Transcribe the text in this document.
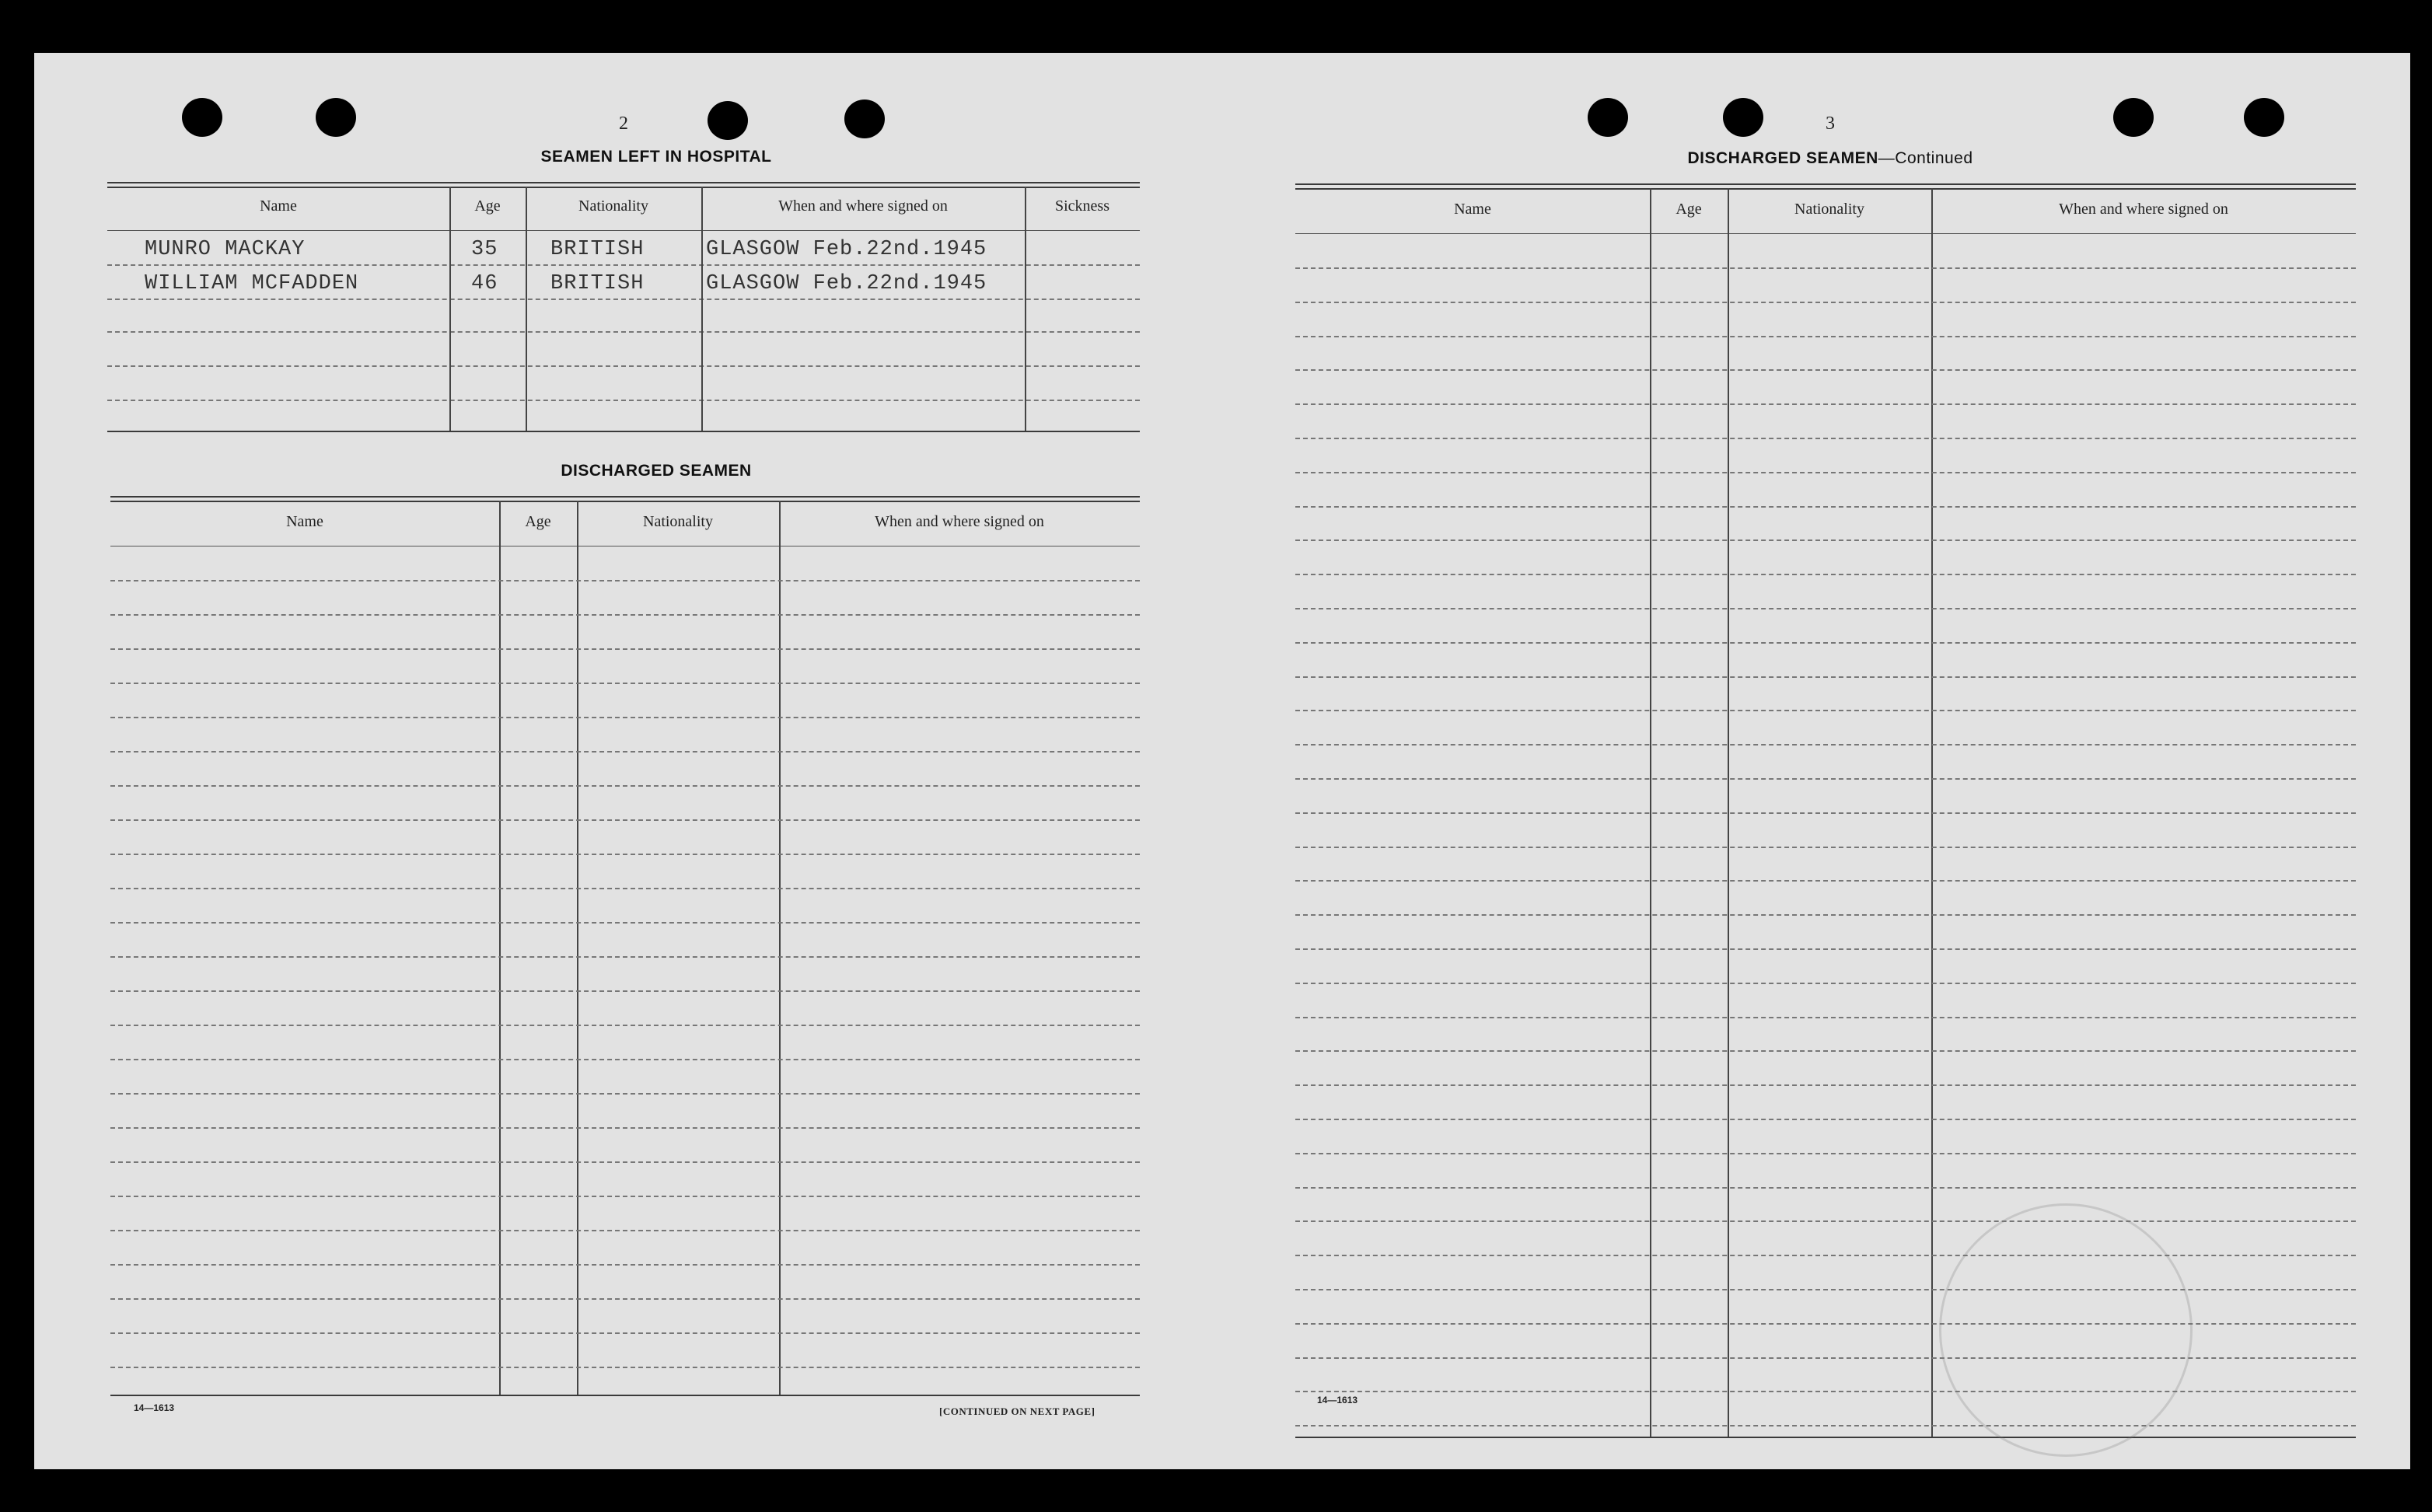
2
SEAMEN LEFT IN HOSPITAL
Name	Age	Nationality	When and where signed on	Sickness
MUNRO MACKAY	35	BRITISH	GLASGOW Feb.22nd.1945
WILLIAM MCFADDEN	46	BRITISH	GLASGOW Feb.22nd.1945
DISCHARGED SEAMEN
Name	Age	Nationality	When and where signed on
14—1613	[CONTINUED ON NEXT PAGE]
3
DISCHARGED SEAMEN—Continued
Name	Age	Nationality	When and where signed on
14—1613
